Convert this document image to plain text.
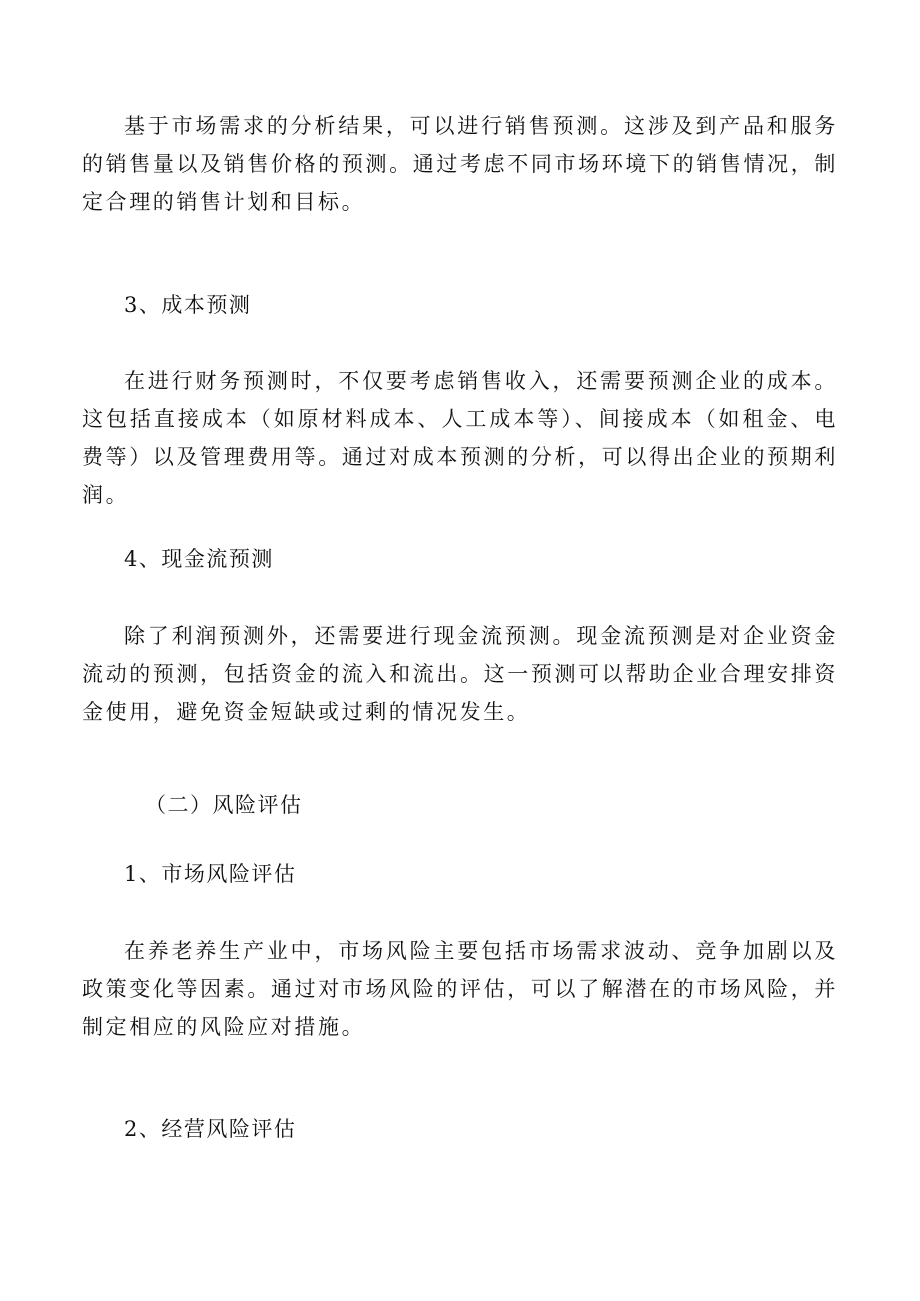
基于市场需求的分析结果，可以进行销售预测。这涉及到产品和服务的销售量以及销售价格的预测。通过考虑不同市场环境下的销售情况，制定合理的销售计划和目标。

3、成本预测

在进行财务预测时，不仅要考虑销售收入，还需要预测企业的成本。这包括直接成本（如原材料成本、人工成本等）、间接成本（如租金、电费等）以及管理费用等。通过对成本预测的分析，可以得出企业的预期利润。

4、现金流预测

除了利润预测外，还需要进行现金流预测。现金流预测是对企业资金流动的预测，包括资金的流入和流出。这一预测可以帮助企业合理安排资金使用，避免资金短缺或过剩的情况发生。

（二）风险评估

1、市场风险评估

在养老养生产业中，市场风险主要包括市场需求波动、竞争加剧以及政策变化等因素。通过对市场风险的评估，可以了解潜在的市场风险，并制定相应的风险应对措施。

2、经营风险评估
